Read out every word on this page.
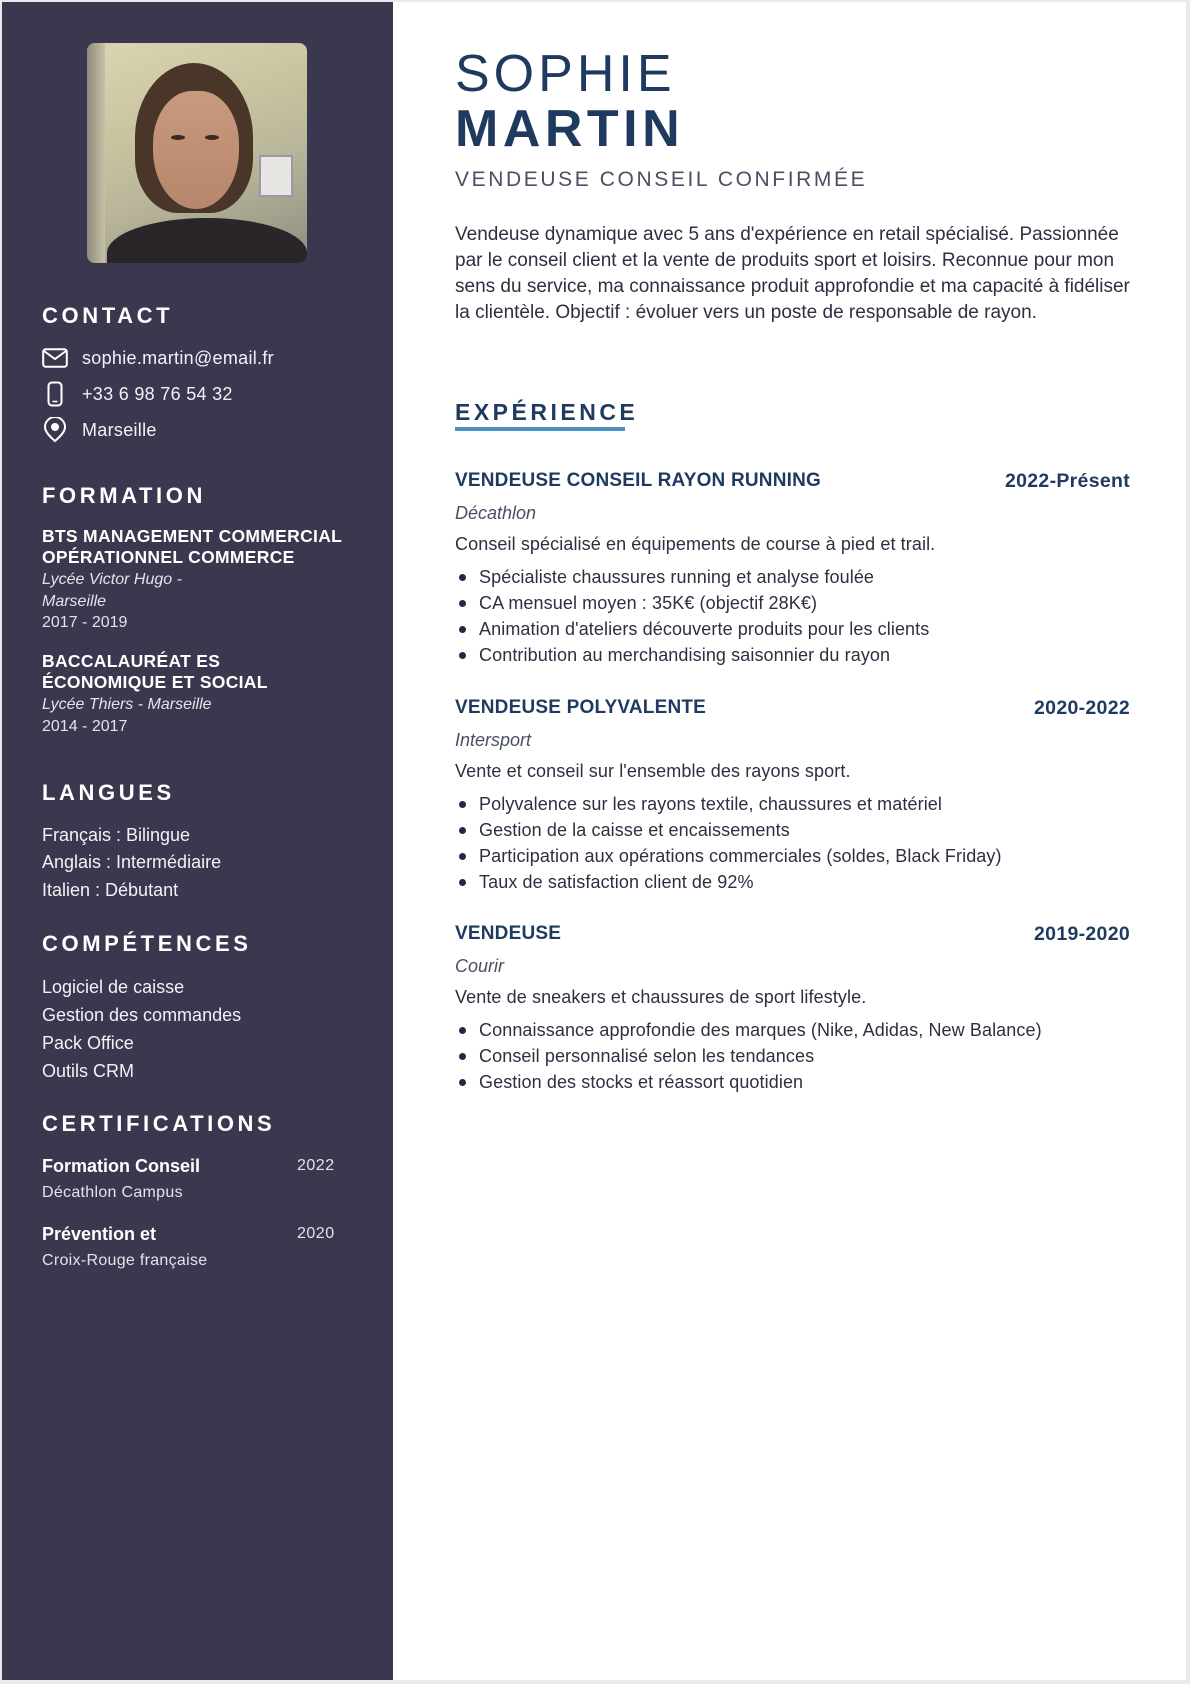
CONTACT
sophie.martin@email.fr
+33 6 98 76 54 32
Marseille
FORMATION
BTS MANAGEMENT COMMERCIAL OPÉRATIONNEL COMMERCE
Lycée Victor Hugo - Marseille
2017 - 2019
BACCALAURÉAT ES ÉCONOMIQUE ET SOCIAL
Lycée Thiers - Marseille
2014 - 2017
LANGUES
Français : Bilingue
Anglais : Intermédiaire
Italien : Débutant
COMPÉTENCES
Logiciel de caisse
Gestion des commandes
Pack Office
Outils CRM
CERTIFICATIONS
Formation Conseil	2022
Décathlon Campus
Prévention et	2020
Croix-Rouge française
SOPHIE
MARTIN
VENDEUSE CONSEIL CONFIRMÉE
Vendeuse dynamique avec 5 ans d'expérience en retail spécialisé. Passionnée par le conseil client et la vente de produits sport et loisirs. Reconnue pour mon sens du service, ma connaissance produit approfondie et ma capacité à fidéliser la clientèle. Objectif : évoluer vers un poste de responsable de rayon.
EXPÉRIENCE
VENDEUSE CONSEIL RAYON RUNNING	2022-Présent
Décathlon
Conseil spécialisé en équipements de course à pied et trail.
Spécialiste chaussures running et analyse foulée
CA mensuel moyen : 35K€ (objectif 28K€)
Animation d'ateliers découverte produits pour les clients
Contribution au merchandising saisonnier du rayon
VENDEUSE POLYVALENTE	2020-2022
Intersport
Vente et conseil sur l'ensemble des rayons sport.
Polyvalence sur les rayons textile, chaussures et matériel
Gestion de la caisse et encaissements
Participation aux opérations commerciales (soldes, Black Friday)
Taux de satisfaction client de 92%
VENDEUSE	2019-2020
Courir
Vente de sneakers et chaussures de sport lifestyle.
Connaissance approfondie des marques (Nike, Adidas, New Balance)
Conseil personnalisé selon les tendances
Gestion des stocks et réassort quotidien
